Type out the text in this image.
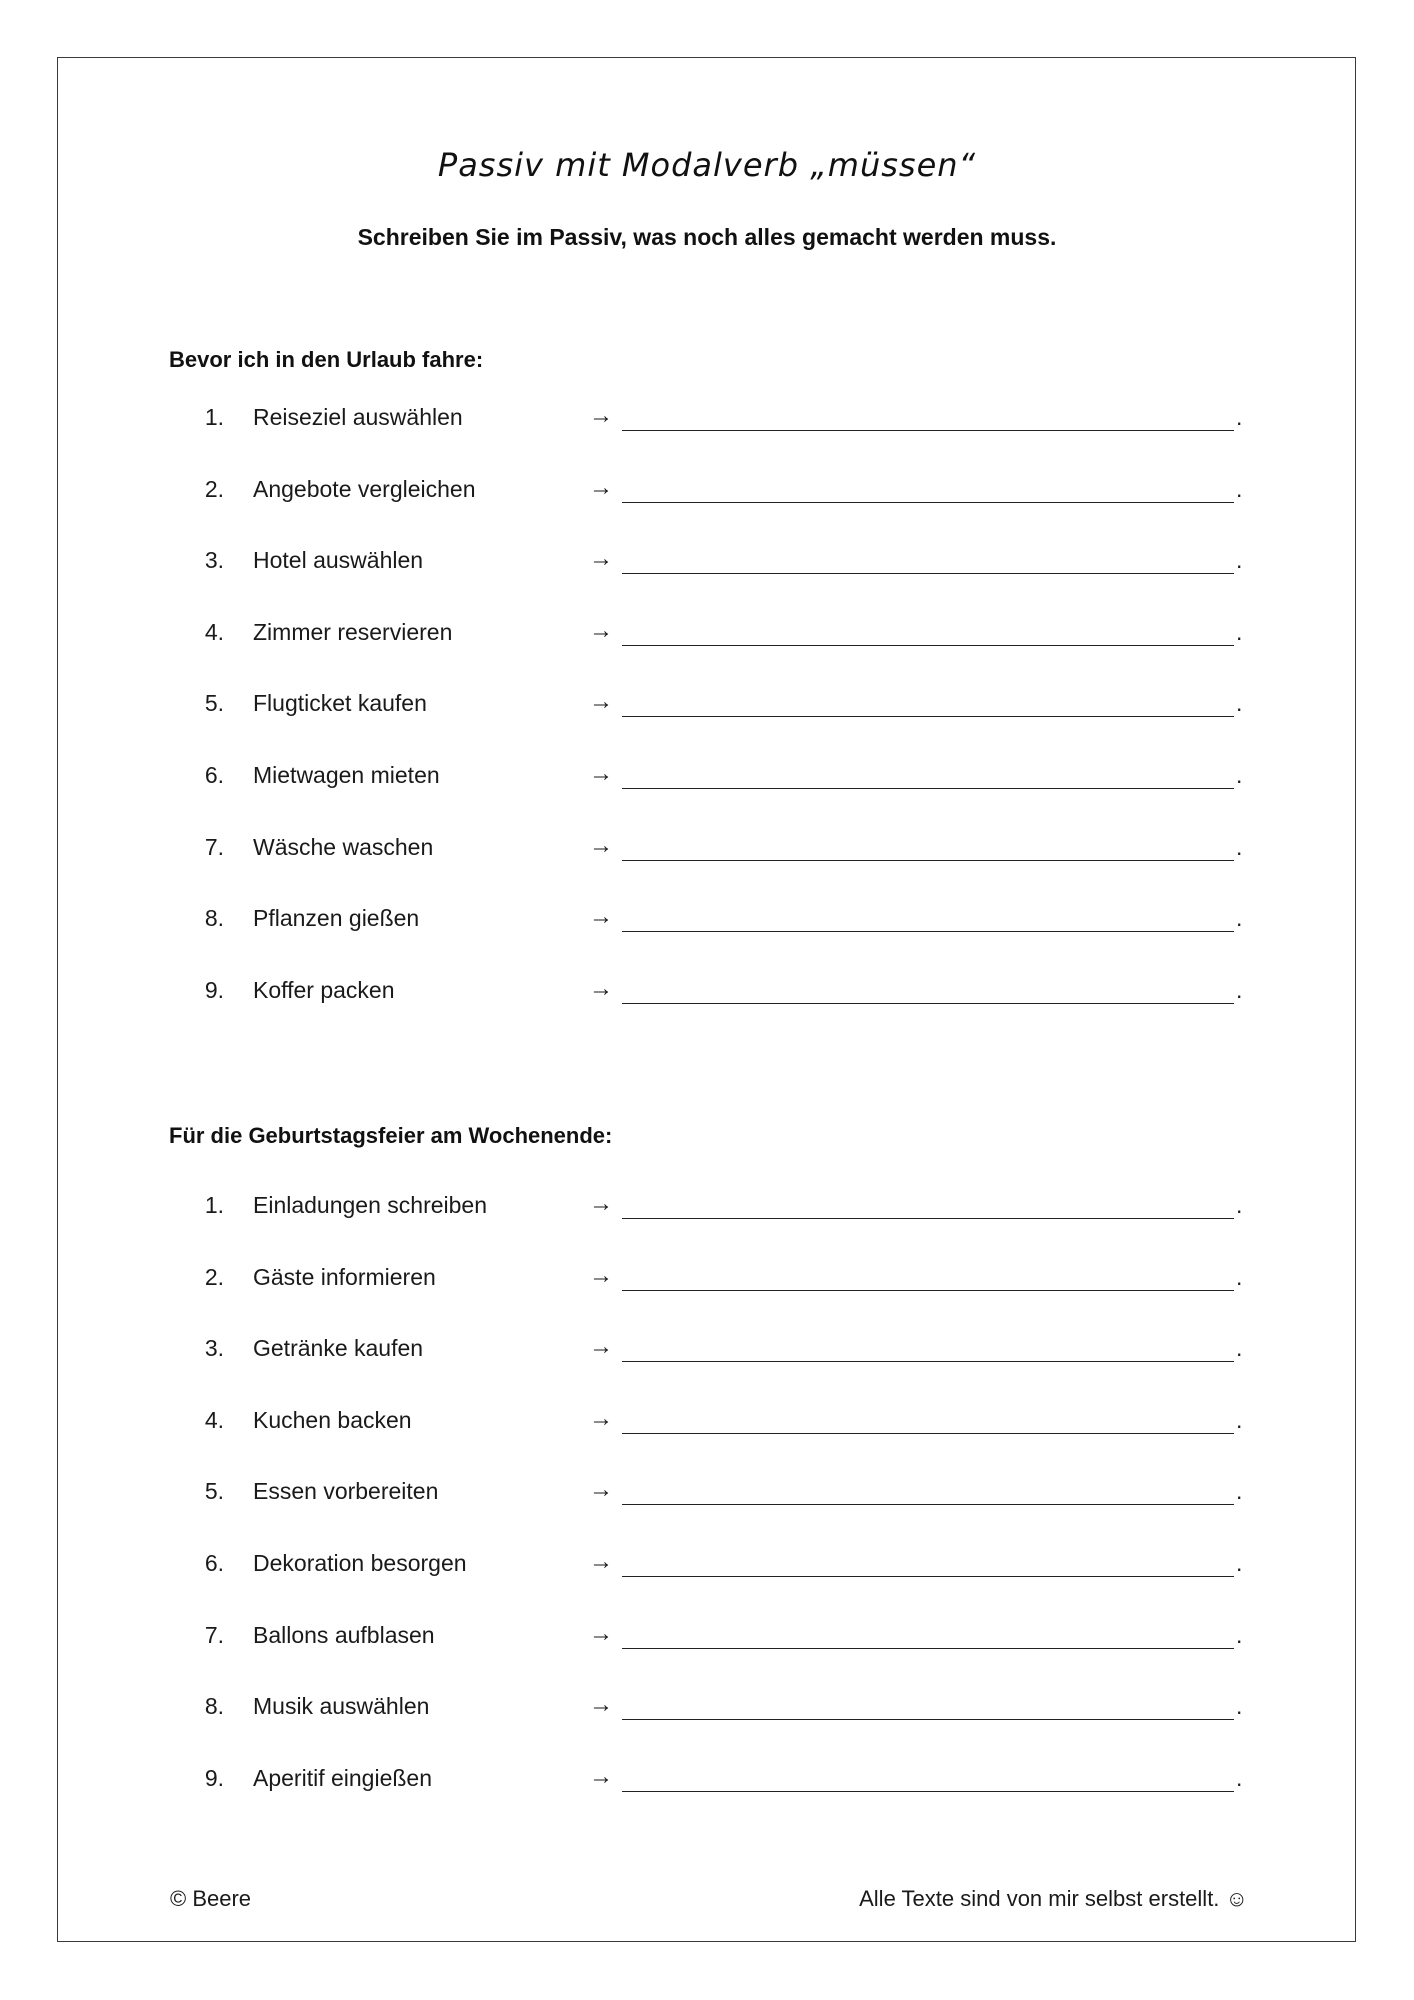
Passiv mit Modalverb „müssen“
Schreiben Sie im Passiv, was noch alles gemacht werden muss.
Bevor ich in den Urlaub fahre:
1. Reiseziel auswählen	→	.
2. Angebote vergleichen	→	.
3. Hotel auswählen	→	.
4. Zimmer reservieren	→	.
5. Flugticket kaufen	→	.
6. Mietwagen mieten	→	.
7. Wäsche waschen	→	.
8. Pflanzen gießen	→	.
9. Koffer packen	→	.
Für die Geburtstagsfeier am Wochenende:
1. Einladungen schreiben	→	.
2. Gäste informieren	→	.
3. Getränke kaufen	→	.
4. Kuchen backen	→	.
5. Essen vorbereiten	→	.
6. Dekoration besorgen	→	.
7. Ballons aufblasen	→	.
8. Musik auswählen	→	.
9. Aperitif eingießen	→	.
© Beere	Alle Texte sind von mir selbst erstellt. ☺
